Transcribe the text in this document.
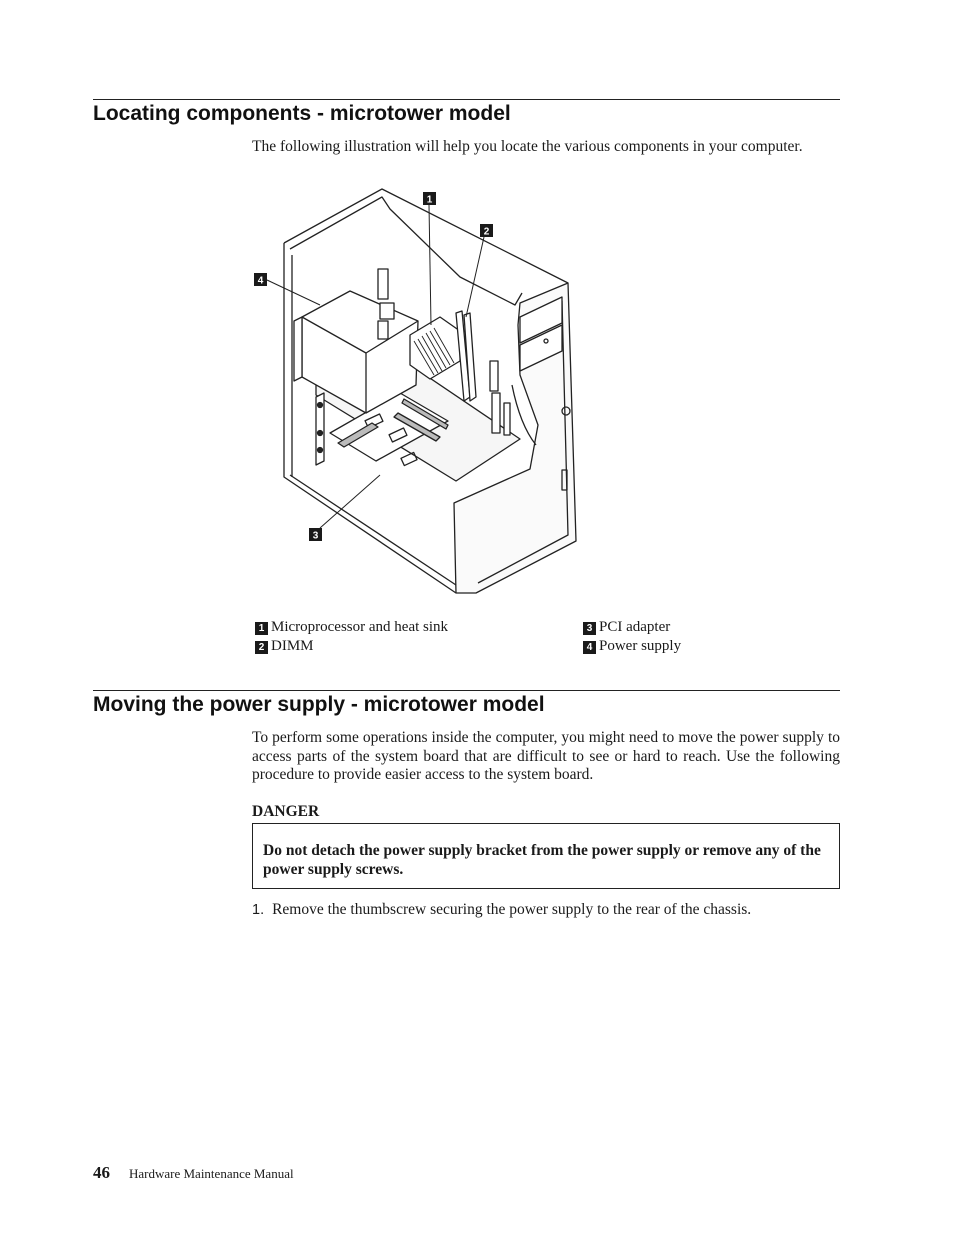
Locating components - microtower model

The following illustration will help you locate the various components in your computer.

1
2
4
3
1 Microprocessor and heat sink
2 DIMM
3 PCI adapter
4 Power supply
Moving the power supply - microtower model

To perform some operations inside the computer, you might need to move the power supply to access parts of the system board that are difficult to see or hard to reach. Use the following procedure to provide easier access to the system board.

DANGER

Do not detach the power supply bracket from the power supply or remove any of the power supply screws.

1. Remove the thumbscrew securing the power supply to the rear of the chassis.
46 Hardware Maintenance Manual
